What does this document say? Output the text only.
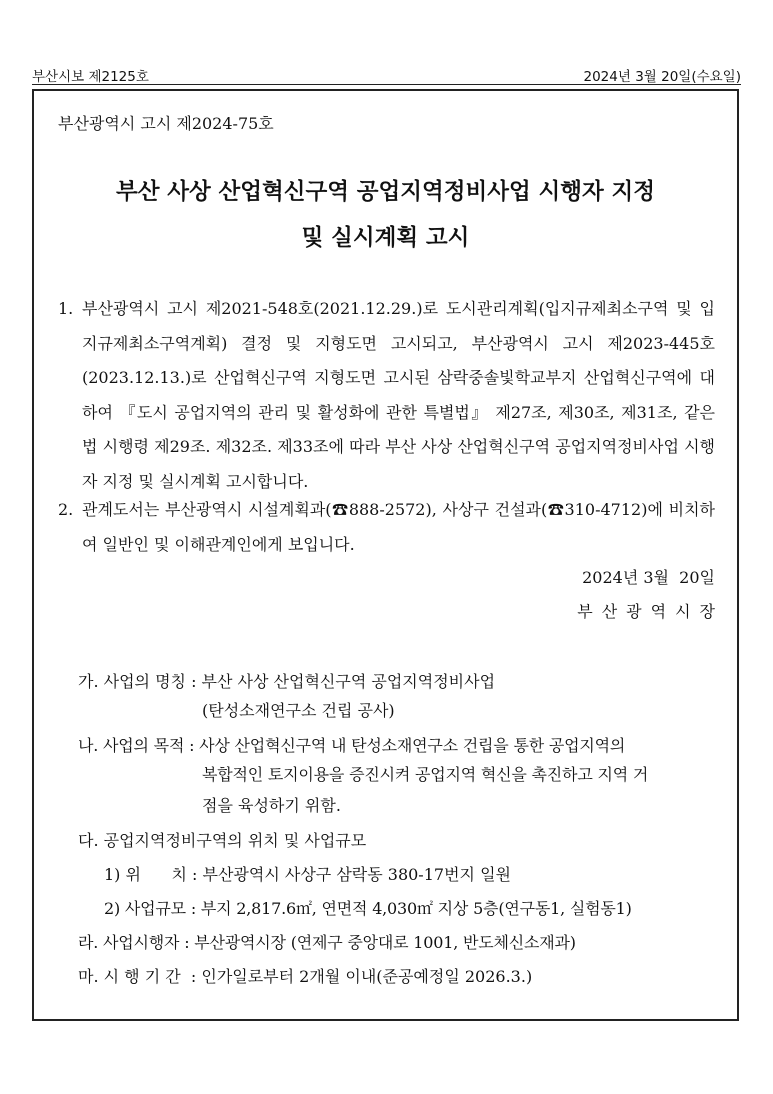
부산시보 제2125호	2024년 3월 20일(수요일)
부산광역시 고시 제2024-75호
부산 사상 산업혁신구역 공업지역정비사업 시행자 지정
및 실시계획 고시
1. 부산광역시 고시 제2021-548호(2021.12.29.)로 도시관리계획(입지규제최소구역 및 입지규제최소구역계획) 결정 및 지형도면 고시되고, 부산광역시 고시 제2023-445호(2023.12.13.)로 산업혁신구역 지형도면 고시된 삼락중솔빛학교부지 산업혁신구역에 대하여 『도시 공업지역의 관리 및 활성화에 관한 특별법』 제27조, 제30조, 제31조, 같은 법 시행령 제29조. 제32조. 제33조에 따라 부산 사상 산업혁신구역 공업지역정비사업 시행자 지정 및 실시계획 고시합니다.
2. 관계도서는 부산광역시 시설계획과(☎888-2572), 사상구 건설과(☎310-4712)에 비치하여 일반인 및 이해관계인에게 보입니다.
2024년 3월  20일
부산광역시장
가. 사업의 명칭 : 부산 사상 산업혁신구역 공업지역정비사업
(탄성소재연구소 건립 공사)
나. 사업의 목적 : 사상 산업혁신구역 내 탄성소재연구소 건립을 통한 공업지역의
복합적인 토지이용을 증진시켜 공업지역 혁신을 촉진하고 지역 거
점을 육성하기 위함.
다. 공업지역정비구역의 위치 및 사업규모
1) 위      치 : 부산광역시 사상구 삼락동 380-17번지 일원
2) 사업규모 : 부지 2,817.6㎡, 연면적 4,030㎡ 지상 5층(연구동1, 실험동1)
라. 사업시행자 : 부산광역시장 (연제구 중앙대로 1001, 반도체신소재과)
마. 시 행 기 간  : 인가일로부터 2개월 이내(준공예정일 2026.3.)
